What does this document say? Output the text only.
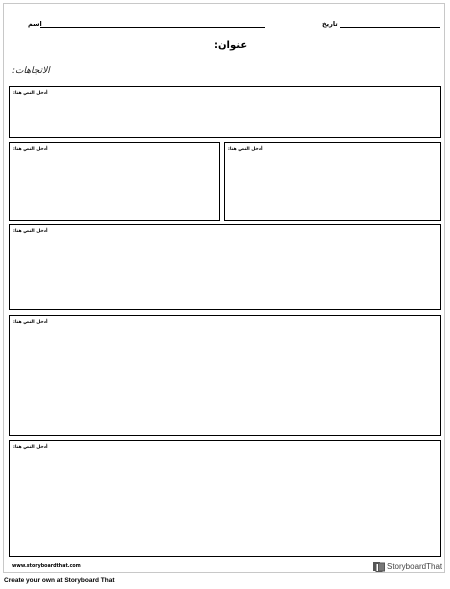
اسم	تاريخ
:عنوان
:الاتجاهات
:أدخل النص هنا
:أدخل النص هنا	:أدخل النص هنا
:أدخل النص هنا
:أدخل النص هنا
:أدخل النص هنا
www.storyboardthat.com	StoryboardThat
Create your own at Storyboard That
